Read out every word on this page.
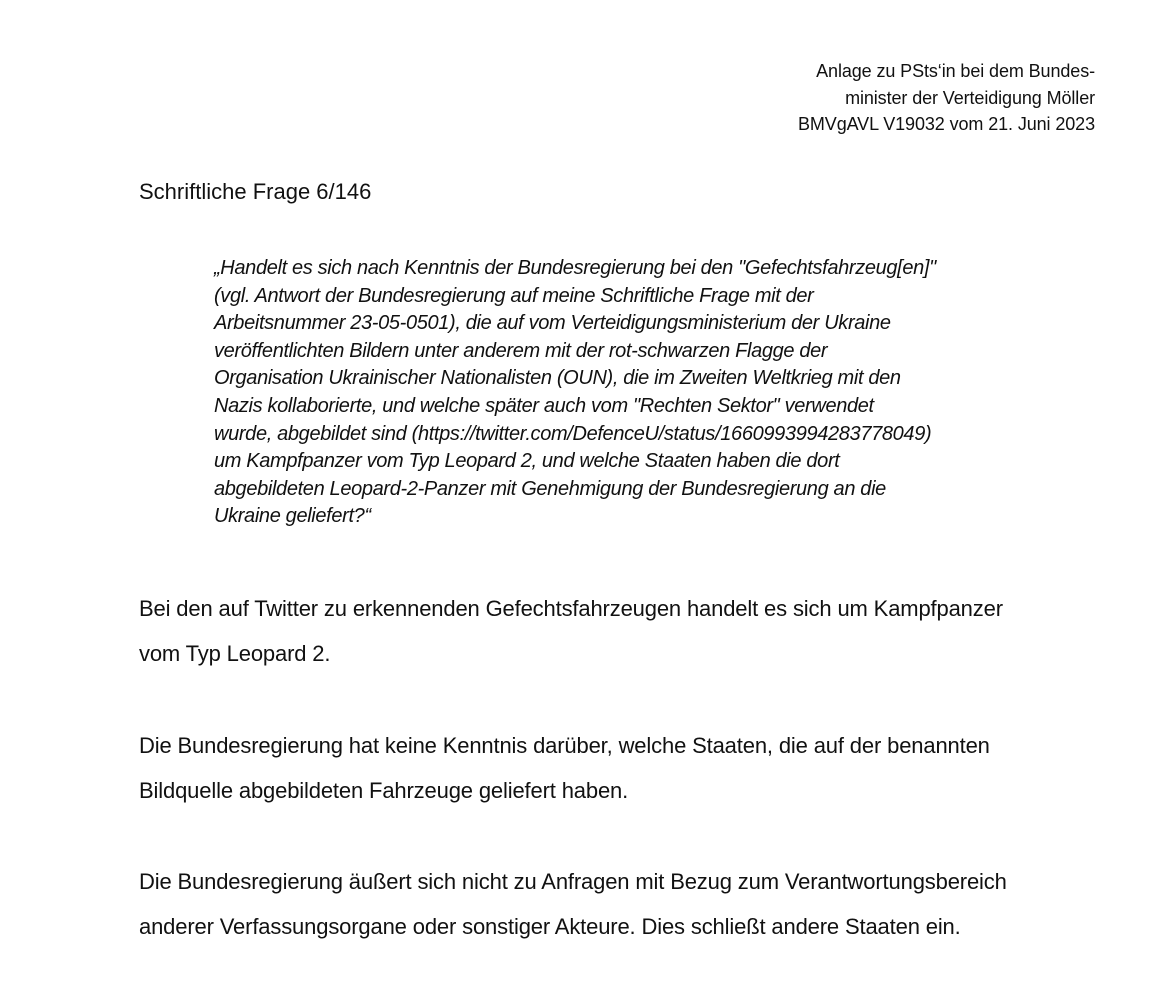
Anlage zu PSts‘in bei dem Bundes-
minister der Verteidigung Möller
BMVgAVL V19032 vom 21. Juni 2023
Schriftliche Frage 6/146
„Handelt es sich nach Kenntnis der Bundesregierung bei den "Gefechtsfahrzeug[en]"
(vgl. Antwort der Bundesregierung auf meine Schriftliche Frage mit der
Arbeitsnummer 23-05-0501), die auf vom Verteidigungsministerium der Ukraine
veröffentlichten Bildern unter anderem mit der rot-schwarzen Flagge der
Organisation Ukrainischer Nationalisten (OUN), die im Zweiten Weltkrieg mit den
Nazis kollaborierte, und welche später auch vom "Rechten Sektor" verwendet
wurde, abgebildet sind (https://twitter.com/DefenceU/status/1660993994283778049)
um Kampfpanzer vom Typ Leopard 2, und welche Staaten haben die dort
abgebildeten Leopard-2-Panzer mit Genehmigung der Bundesregierung an die
Ukraine geliefert?“
Bei den auf Twitter zu erkennenden Gefechtsfahrzeugen handelt es sich um Kampfpanzer
vom Typ Leopard 2.
Die Bundesregierung hat keine Kenntnis darüber, welche Staaten, die auf der benannten
Bildquelle abgebildeten Fahrzeuge geliefert haben.
Die Bundesregierung äußert sich nicht zu Anfragen mit Bezug zum Verantwortungsbereich
anderer Verfassungsorgane oder sonstiger Akteure. Dies schließt andere Staaten ein.
